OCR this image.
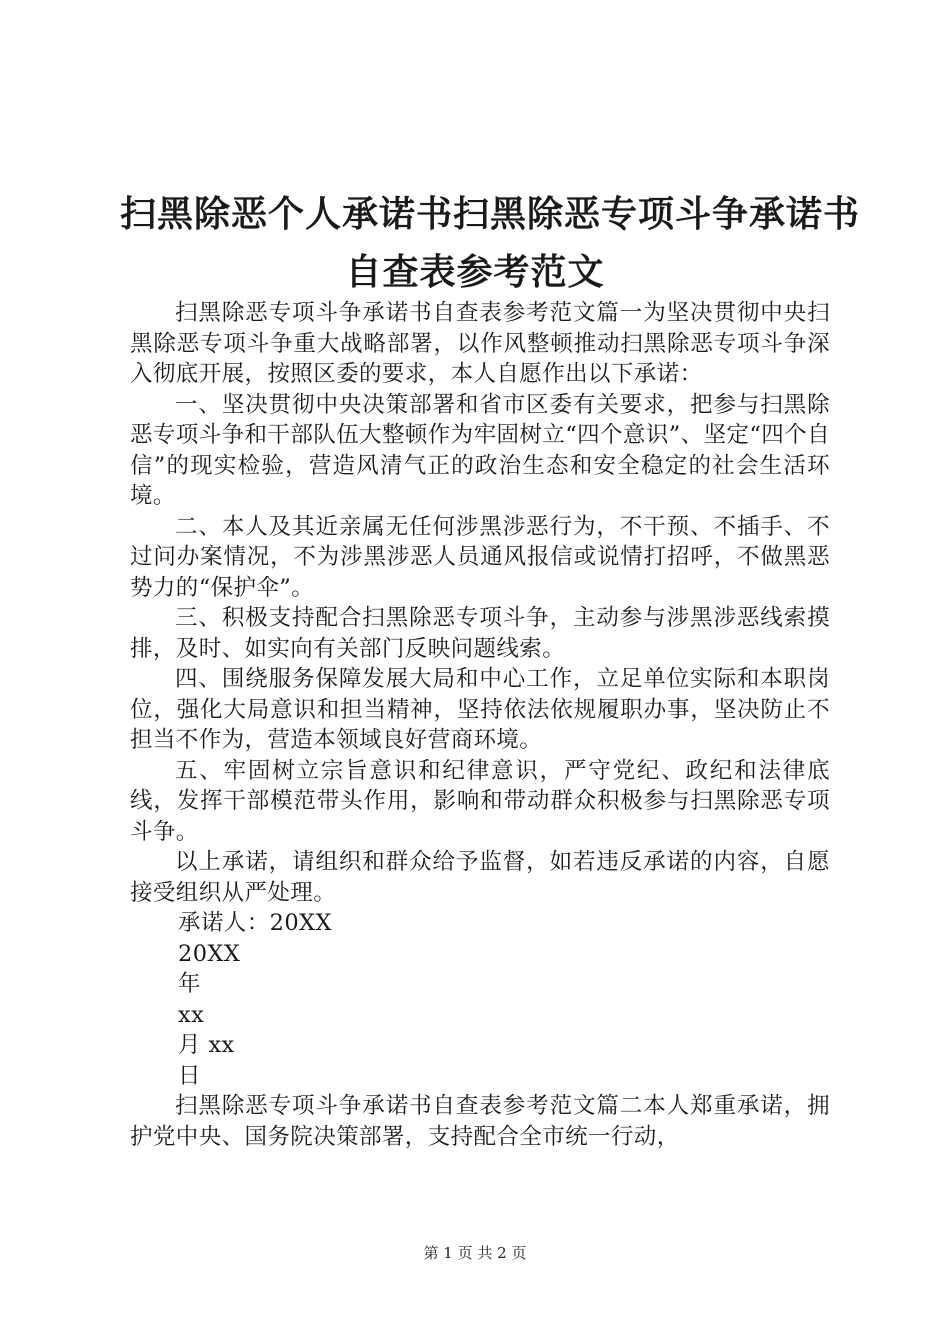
扫黑除恶个人承诺书扫黑除恶专项斗争承诺书
自查表参考范文

扫黑除恶专项斗争承诺书自查表参考范文篇一为坚决贯彻中央扫黑除恶专项斗争重大战略部署，以作风整顿推动扫黑除恶专项斗争深入彻底开展，按照区委的要求，本人自愿作出以下承诺：

一、坚决贯彻中央决策部署和省市区委有关要求，把参与扫黑除恶专项斗争和干部队伍大整顿作为牢固树立“四个意识”、坚定“四个自信”的现实检验，营造风清气正的政治生态和安全稳定的社会生活环境。

二、本人及其近亲属无任何涉黑涉恶行为，不干预、不插手、不过问办案情况，不为涉黑涉恶人员通风报信或说情打招呼，不做黑恶势力的“保护伞”。

三、积极支持配合扫黑除恶专项斗争，主动参与涉黑涉恶线索摸排，及时、如实向有关部门反映问题线索。

四、围绕服务保障发展大局和中心工作，立足单位实际和本职岗位，强化大局意识和担当精神，坚持依法依规履职办事，坚决防止不担当不作为，营造本领域良好营商环境。

五、牢固树立宗旨意识和纪律意识，严守党纪、政纪和法律底线，发挥干部模范带头作用，影响和带动群众积极参与扫黑除恶专项斗争。

以上承诺，请组织和群众给予监督，如若违反承诺的内容，自愿接受组织从严处理。

承诺人：20XX

20XX

年

xx

月 xx

日

扫黑除恶专项斗争承诺书自查表参考范文篇二本人郑重承诺，拥护党中央、国务院决策部署，支持配合全市统一行动，

第 1 页 共 2 页
